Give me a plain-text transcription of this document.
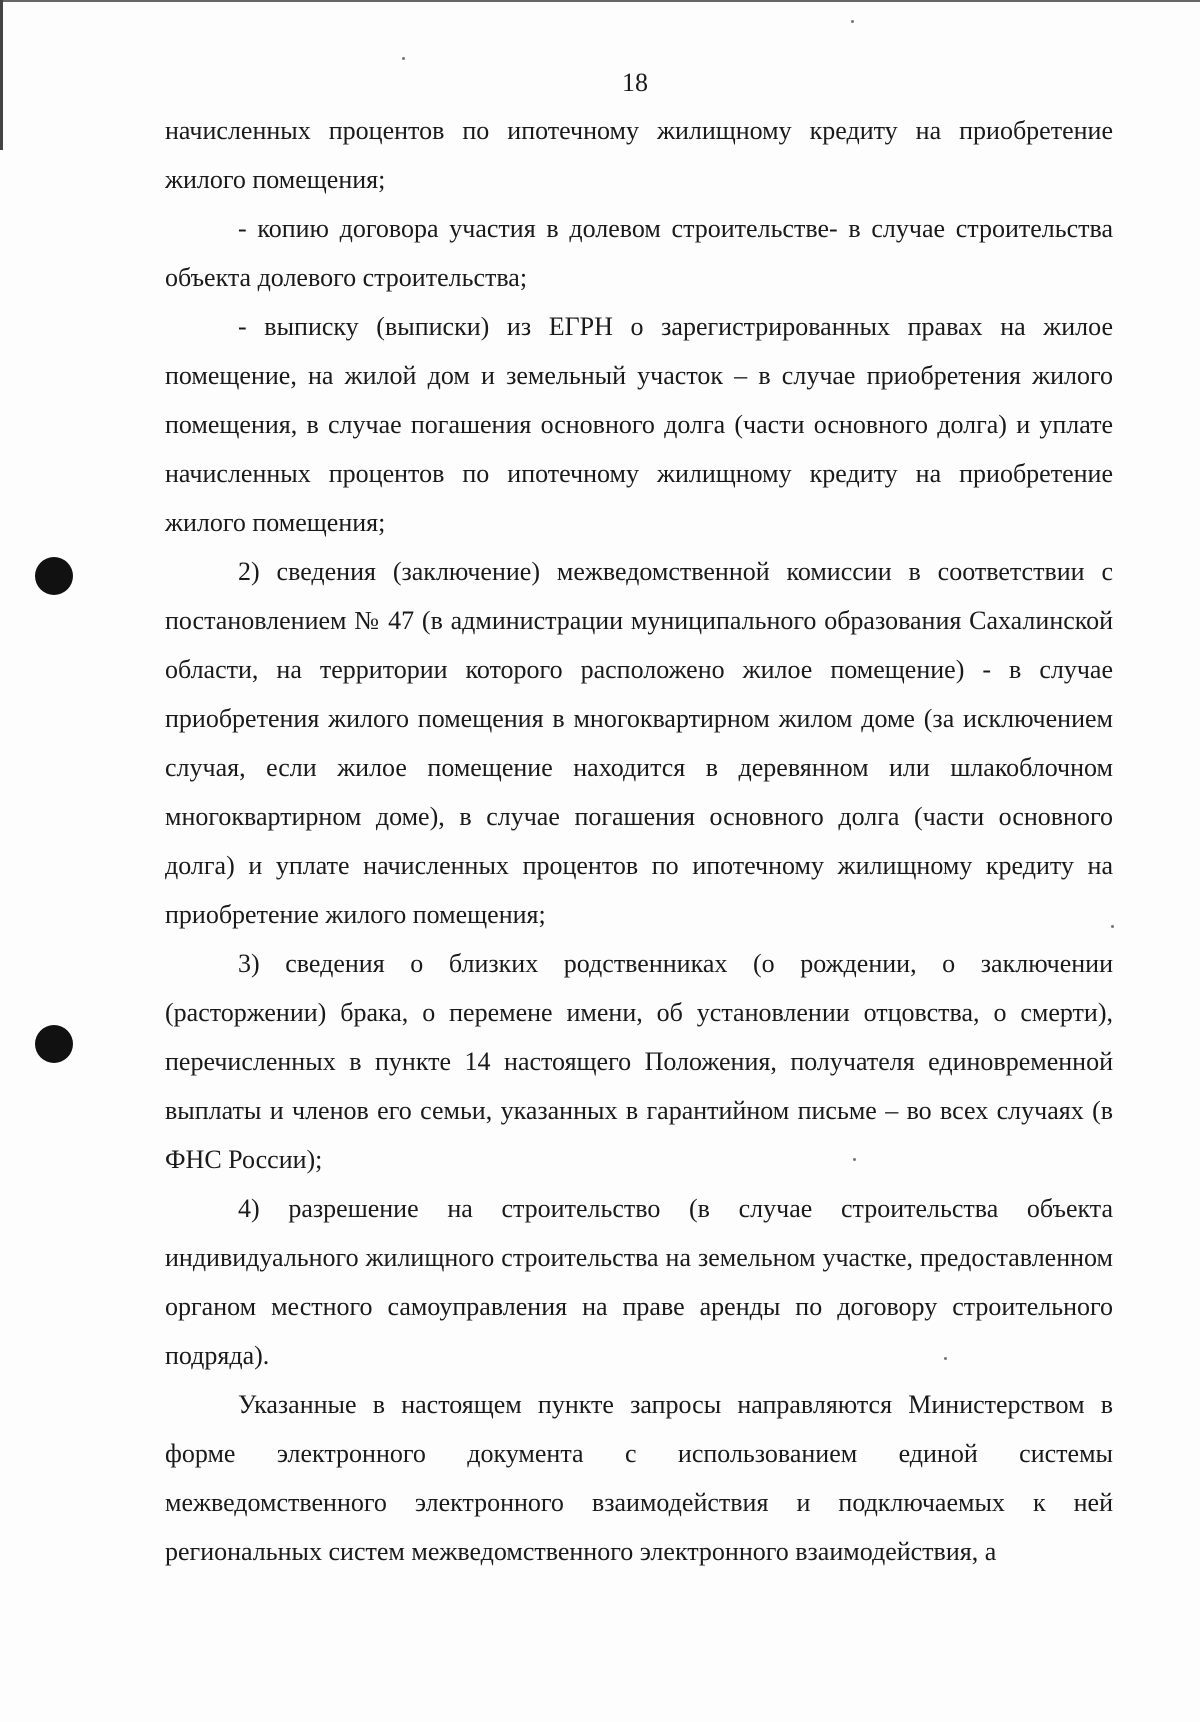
18

начисленных процентов по ипотечному жилищному кредиту на приобретение жилого помещения;

- копию договора участия в долевом строительстве- в случае строительства объекта долевого строительства;

- выписку (выписки) из ЕГРН о зарегистрированных правах на жилое помещение, на жилой дом и земельный участок – в случае приобретения жилого помещения, в случае погашения основного долга (части основного долга) и уплате начисленных процентов по ипотечному жилищному кредиту на приобретение жилого помещения;

2) сведения (заключение) межведомственной комиссии в соответствии с постановлением № 47 (в администрации муниципального образования Сахалинской области, на территории которого расположено жилое помещение) - в случае приобретения жилого помещения в многоквартирном жилом доме (за исключением случая, если жилое помещение находится в деревянном или шлакоблочном многоквартирном доме), в случае погашения основного долга (части основного долга) и уплате начисленных процентов по ипотечному жилищному кредиту на приобретение жилого помещения;

3) сведения о близких родственниках (о рождении, о заключении (расторжении) брака, о перемене имени, об установлении отцовства, о смерти), перечисленных в пункте 14 настоящего Положения, получателя единовременной выплаты и членов его семьи, указанных в гарантийном письме – во всех случаях (в ФНС России);

4) разрешение на строительство (в случае строительства объекта индивидуального жилищного строительства на земельном участке, предоставленном органом местного самоуправления на праве аренды по договору строительного подряда).

Указанные в настоящем пункте запросы направляются Министерством в форме электронного документа с использованием единой системы межведомственного электронного взаимодействия и подключаемых к ней региональных систем межведомственного электронного взаимодействия, а
